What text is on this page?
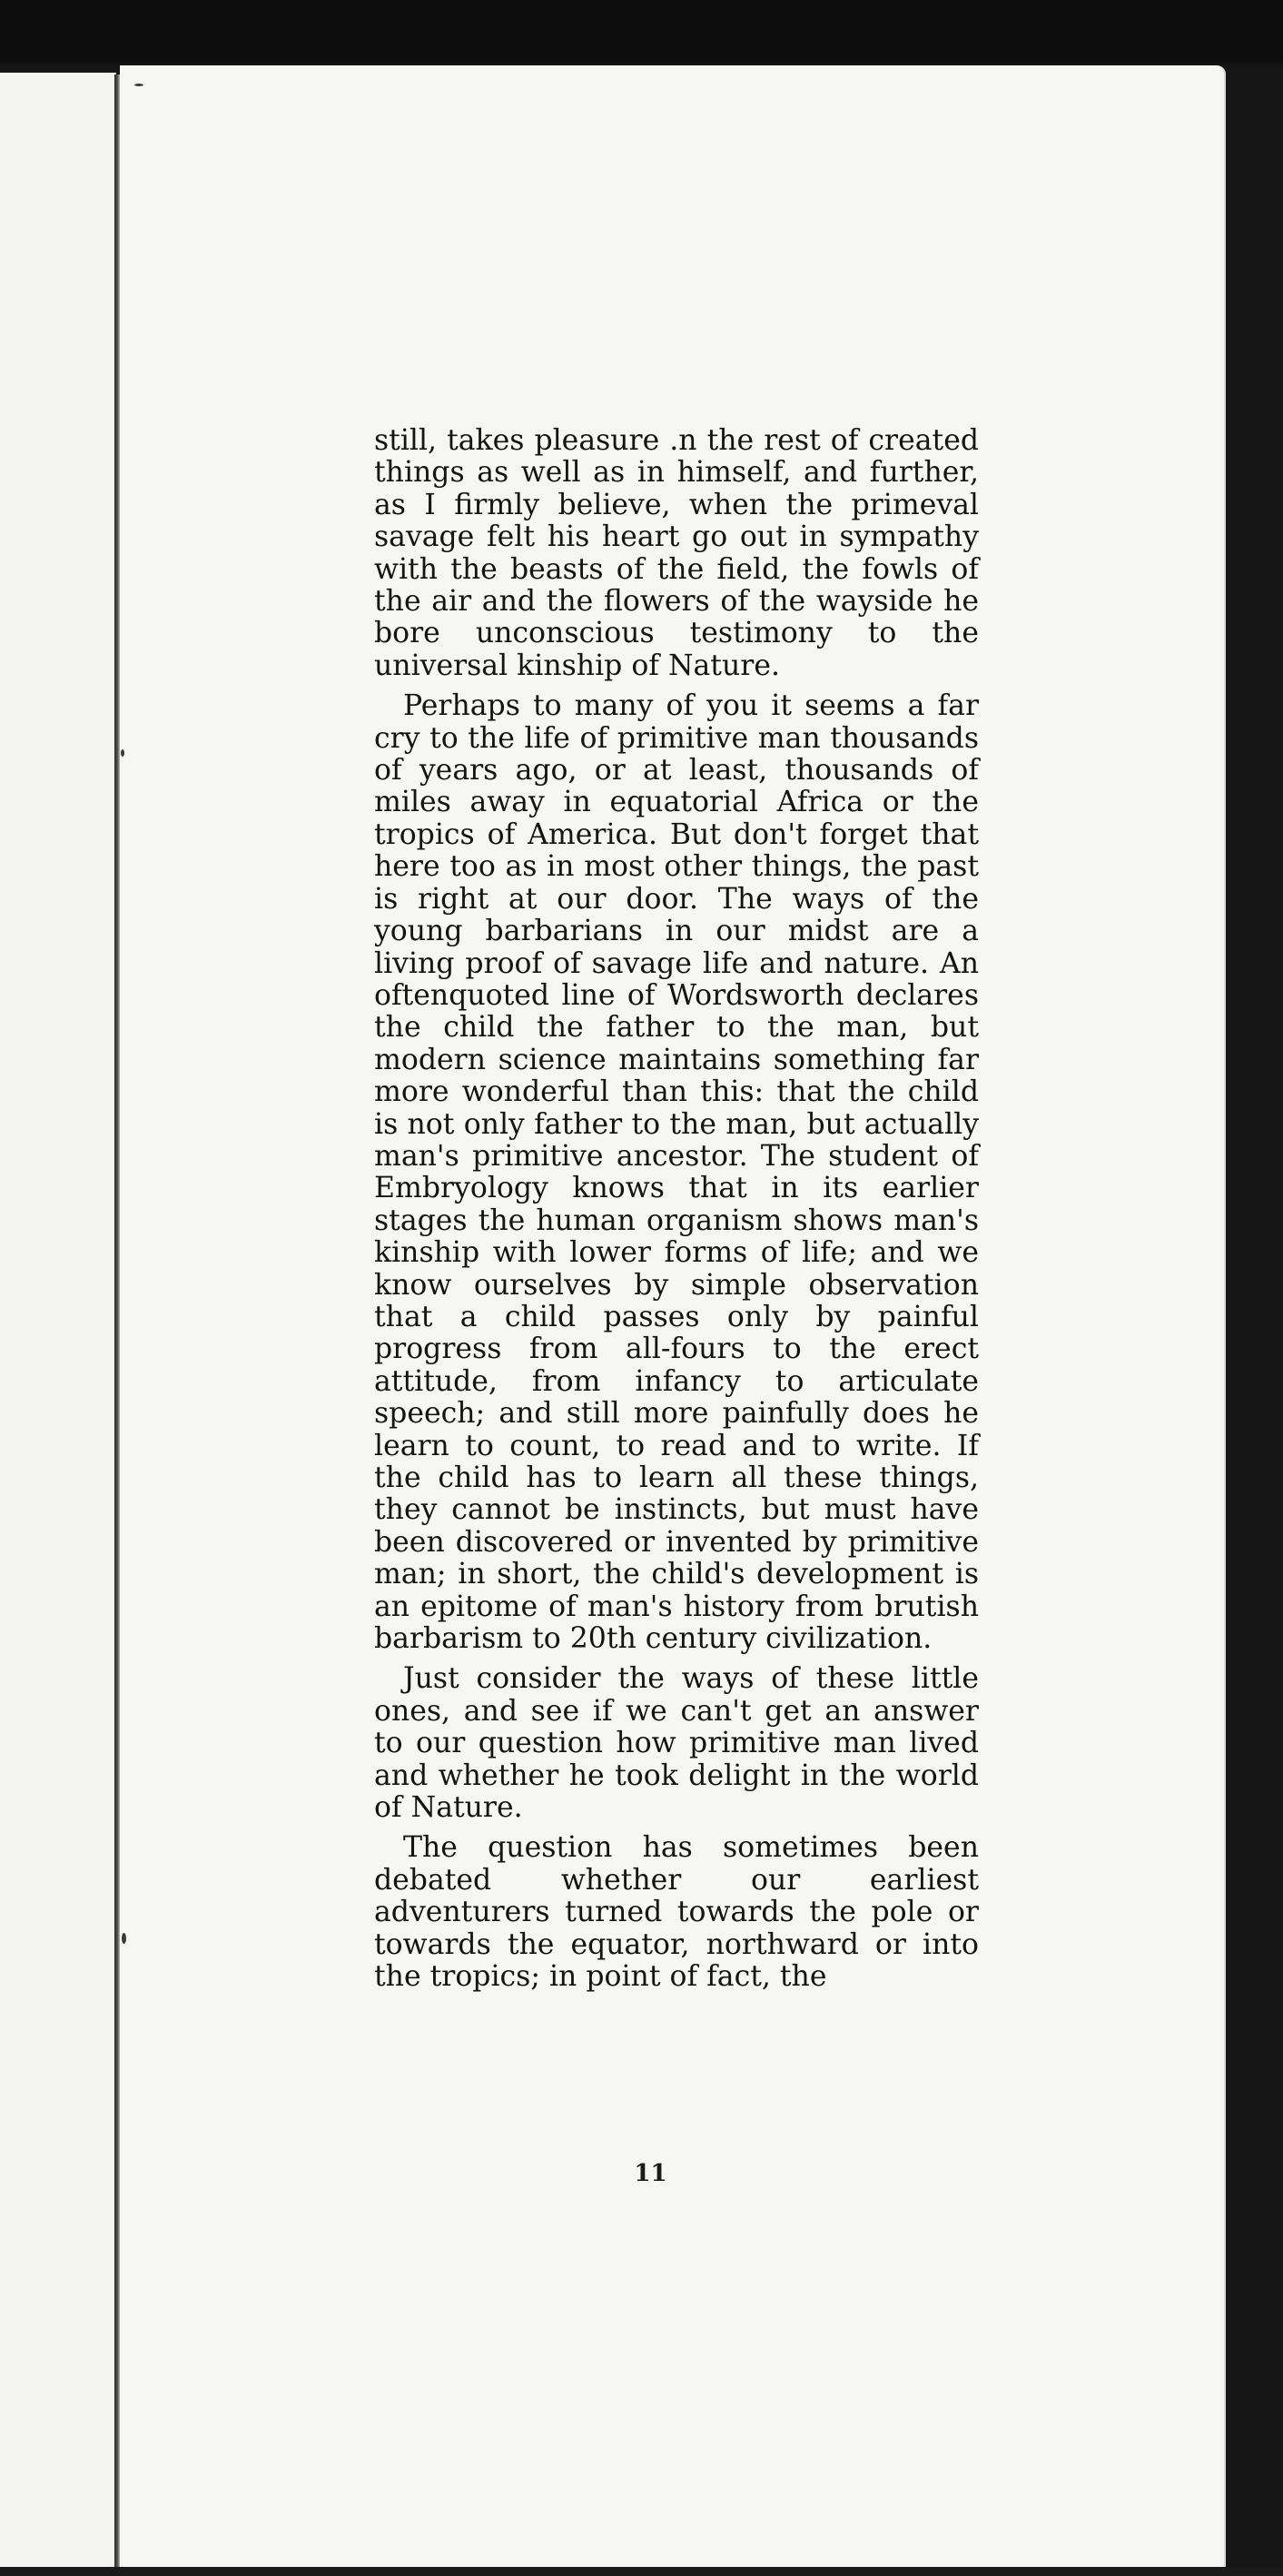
still, takes pleasure .n the rest of created things as well as in himself, and further, as I firmly believe, when the primeval savage felt his heart go out in sympathy with the beasts of the field, the fowls of the air and the flowers of the wayside he bore unconscious testimony to the universal kinship of Nature.

Perhaps to many of you it seems a far cry to the life of primitive man thousands of years ago, or at least, thousands of miles away in equatorial Africa or the tropics of America. But don't forget that here too as in most other things, the past is right at our door. The ways of the young barbarians in our midst are a living proof of savage life and nature. An oftenquoted line of Wordsworth declares the child the father to the man, but modern science maintains something far more wonderful than this: that the child is not only father to the man, but actually man's primitive ancestor. The student of Embryology knows that in its earlier stages the human organism shows man's kinship with lower forms of life; and we know ourselves by simple observation that a child passes only by painful progress from all-fours to the erect attitude, from infancy to articulate speech; and still more painfully does he learn to count, to read and to write. If the child has to learn all these things, they cannot be instincts, but must have been discovered or invented by primitive man; in short, the child's development is an epitome of man's history from brutish barbarism to 20th century civilization.

Just consider the ways of these little ones, and see if we can't get an answer to our question how primitive man lived and whether he took delight in the world of Nature.

The question has sometimes been debated whether our earliest adventurers turned towards the pole or towards the equator, northward or into the tropics; in point of fact, the

11
